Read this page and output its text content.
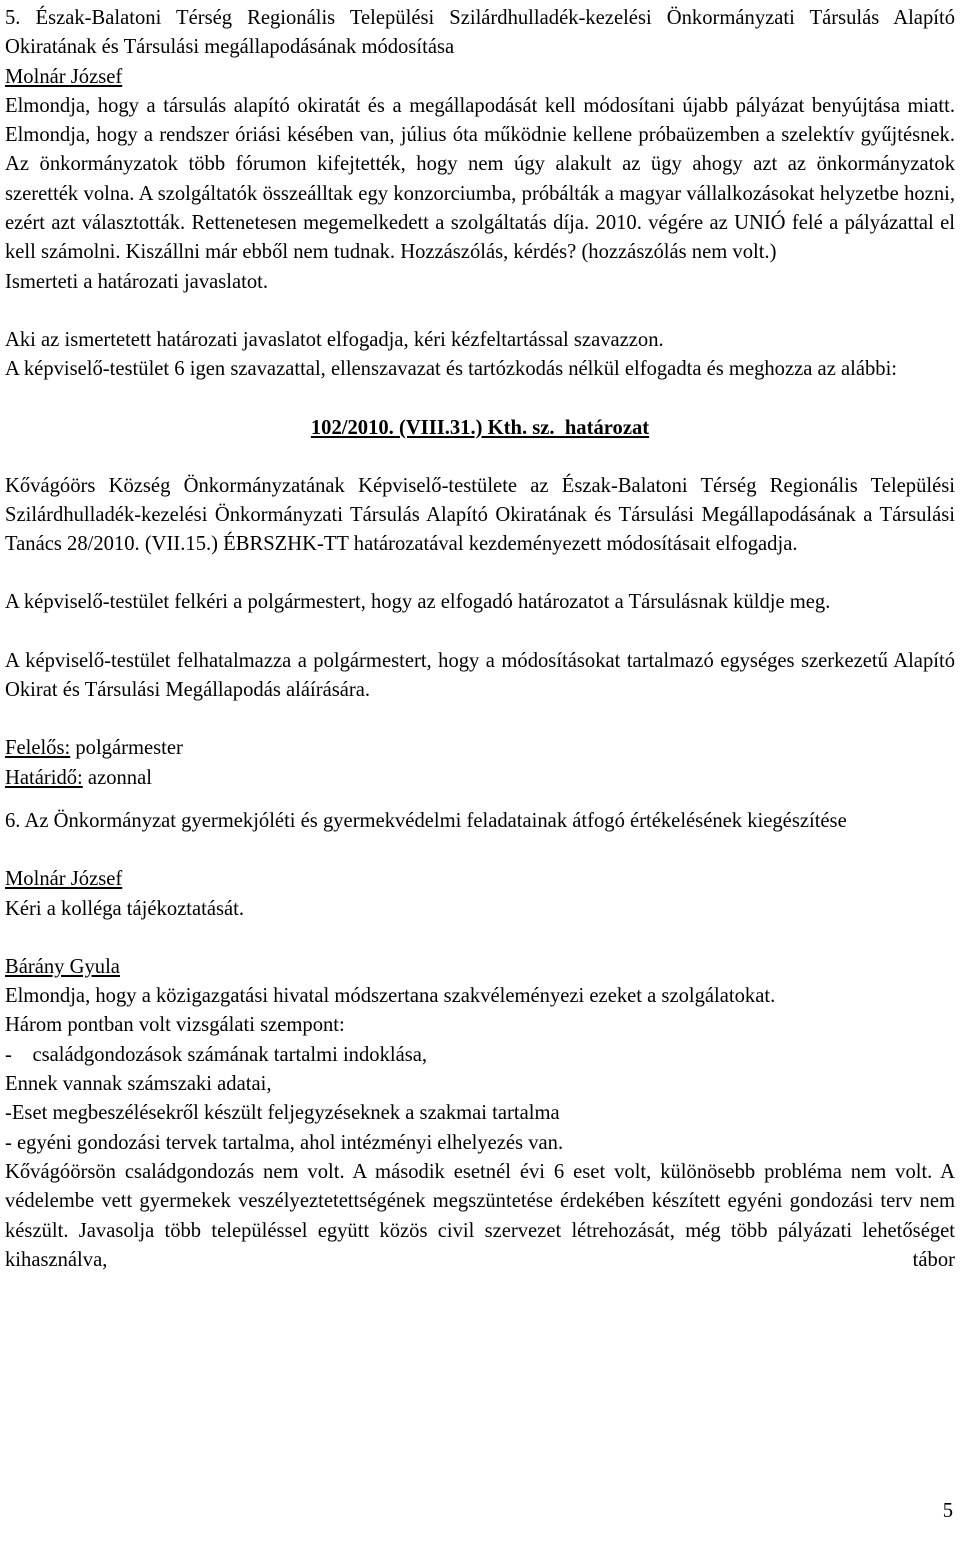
5. Észak-Balatoni Térség Regionális Települési Szilárdhulladék-kezelési Önkormányzati Társulás Alapító Okiratának és Társulási megállapodásának módosítása

Molnár József

Elmondja, hogy a társulás alapító okiratát és a megállapodását kell módosítani újabb pályázat benyújtása miatt. Elmondja, hogy a rendszer óriási késében van, július óta működnie kellene próbaüzemben a szelektív gyűjtésnek. Az önkormányzatok több fórumon kifejtették, hogy nem úgy alakult az ügy ahogy azt az önkormányzatok szerették volna. A szolgáltatók összeálltak egy konzorciumba, próbálták a magyar vállalkozásokat helyzetbe hozni, ezért azt választották. Rettenetesen megemelkedett a szolgáltatás díja. 2010. végére az UNIÓ felé a pályázattal el kell számolni. Kiszállni már ebből nem tudnak. Hozzászólás, kérdés? (hozzászólás nem volt.)

Ismerteti a határozati javaslatot.

Aki az ismertetett határozati javaslatot elfogadja, kéri kézfeltartással szavazzon.

A képviselő-testület 6 igen szavazattal, ellenszavazat és tartózkodás nélkül elfogadta és meghozza az alábbi:

102/2010. (VIII.31.) Kth. sz.  határozat

Kővágóörs Község Önkormányzatának Képviselő-testülete az Észak-Balatoni Térség Regionális Települési Szilárdhulladék-kezelési Önkormányzati Társulás Alapító Okiratának és Társulási Megállapodásának a Társulási Tanács 28/2010. (VII.15.) ÉBRSZHK-TT határozatával kezdeményezett módosításait elfogadja.

A képviselő-testület felkéri a polgármestert, hogy az elfogadó határozatot a Társulásnak küldje meg.

A képviselő-testület felhatalmazza a polgármestert, hogy a módosításokat tartalmazó egységes szerkezetű Alapító Okirat és Társulási Megállapodás aláírására.

Felelős: polgármester

Határidő: azonnal

6. Az Önkormányzat gyermekjóléti és gyermekvédelmi feladatainak átfogó értékelésének kiegészítése

Molnár József

Kéri a kolléga tájékoztatását.

Bárány Gyula

Elmondja, hogy a közigazgatási hivatal módszertana szakvéleményezi ezeket a szolgálatokat.

Három pontban volt vizsgálati szempont:

-    családgondozások számának tartalmi indoklása,

Ennek vannak számszaki adatai,

-Eset megbeszélésekről készült feljegyzéseknek a szakmai tartalma

- egyéni gondozási tervek tartalma, ahol intézményi elhelyezés van.

Kővágóörsön családgondozás nem volt. A második esetnél évi 6 eset volt, különösebb probléma nem volt. A védelembe vett gyermekek veszélyeztetettségének megszüntetése érdekében készített egyéni gondozási terv nem készült. Javasolja több településsel együtt közös civil szervezet létrehozását, még több pályázati lehetőséget kihasználva, tábor

5
